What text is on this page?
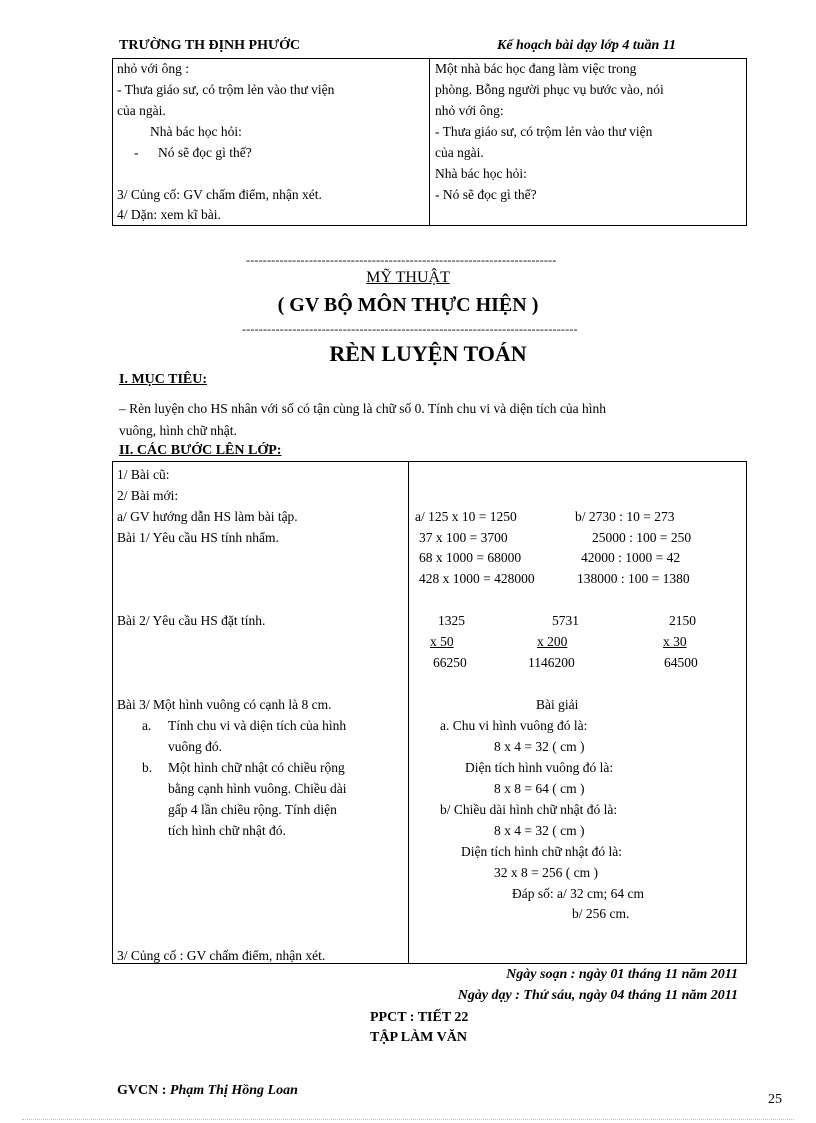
TRƯỜNG TH ĐỊNH PHƯỚC	Kế hoạch bài dạy lớp 4 tuần 11
nhỏ với ông :
- Thưa giáo sư, có trộm lẻn vào thư viện
của ngài.
Nhà bác học hỏi:
- Nó sẽ đọc gì thế?
3/ Củng cố: GV chấm điểm, nhận xét.
4/ Dặn: xem kĩ bài.
Một nhà bác học đang làm việc trong
phòng. Bỗng người phục vụ bước vào, nói
nhỏ với ông:
- Thưa giáo sư, có trộm lẻn vào thư viện
của ngài.
Nhà bác học hỏi:
- Nó sẽ đọc gì thế?
--------------------------------------------------------------------------
MỸ THUẬT
( GV BỘ MÔN THỰC HIỆN )
--------------------------------------------------------------------------------
RÈN LUYỆN TOÁN
I. MỤC TIÊU:
– Rèn luyện cho HS nhân với số có tận cùng là chữ số 0. Tính chu vi và diện tích của hình
vuông, hình chữ nhật.
II. CÁC BƯỚC LÊN LỚP:
1/ Bài cũ:
2/ Bài mới:
a/ GV hướng dẫn HS làm bài tập.
Bài 1/ Yêu cầu HS tính nhẩm.
Bài 2/ Yêu cầu HS đặt tính.
Bài 3/ Một hình vuông có cạnh là 8 cm.
a. Tính chu vi và diện tích của hình
vuông đó.
b. Một hình chữ nhật có chiều rộng
bằng cạnh hình vuông. Chiều dài
gấp 4 lần chiều rộng. Tính diện
tích hình chữ nhật đó.
3/ Củng cố : GV chấm điểm, nhận xét.
a/ 125 x 10 = 1250	b/ 2730 : 10 = 273
37 x 100 = 3700	25000 : 100 = 250
68 x 1000 = 68000	42000 : 1000 = 42
428 x 1000 = 428000	138000 : 100 = 1380
1325
x 50
66250
5731
x 200
1146200
2150
x 30
64500
Bài giải
a. Chu vi hình vuông đó là:
8 x 4 = 32 ( cm )
Diện tích hình vuông đó là:
8 x 8 = 64 ( cm )
b/ Chiều dài hình chữ nhật đó là:
8 x 4 = 32 ( cm )
Diện tích hình chữ nhật đó là:
32 x 8 = 256 ( cm )
Đáp số: a/ 32 cm; 64 cm
b/ 256 cm.
Ngày soạn : ngày 01 tháng 11 năm 2011
Ngày dạy : Thứ sáu, ngày 04 tháng 11 năm 2011
PPCT : TIẾT 22
TẬP LÀM VĂN
GVCN : Phạm Thị Hồng Loan
25
